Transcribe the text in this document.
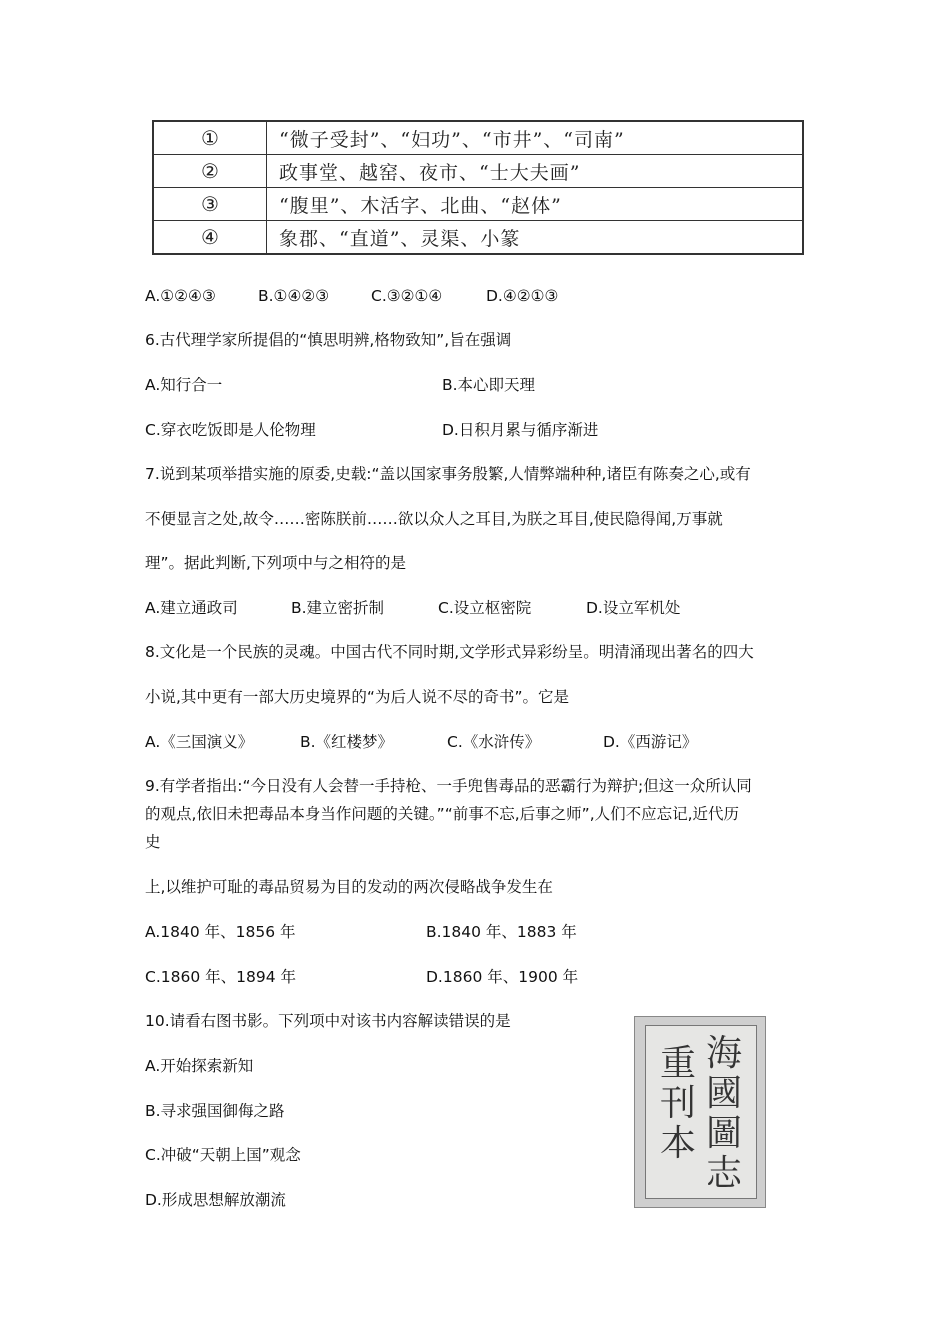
①	“微子受封”、“妇功”、“市井”、“司南”
②	政事堂、越窑、夜市、“士大夫画”
③	“腹里”、木活字、北曲、“赵体”
④	象郡、“直道”、灵渠、小篆
A.①②④③	B.①④②③	C.③②①④	D.④②①③
6.古代理学家所提倡的“慎思明辨,格物致知”,旨在强调
A.知行合一	B.本心即天理
C.穿衣吃饭即是人伦物理	D.日积月累与循序渐进
7.说到某项举措实施的原委,史载:“盖以国家事务殷繁,人情弊端种种,诸臣有陈奏之心,或有
不便显言之处,故令……密陈朕前……欲以众人之耳目,为朕之耳目,使民隐得闻,万事就
理”。据此判断,下列项中与之相符的是
A.建立通政司	B.建立密折制	C.设立枢密院	D.设立军机处
8.文化是一个民族的灵魂。中国古代不同时期,文学形式异彩纷呈。明清涌现出著名的四大
小说,其中更有一部大历史境界的“为后人说不尽的奇书”。它是
A.《三国演义》	B.《红楼梦》	C.《水浒传》	D.《西游记》
9.有学者指出:“今日没有人会替一手持枪、一手兜售毒品的恶霸行为辩护;但这一众所认同
的观点,依旧未把毒品本身当作问题的关键。”“前事不忘,后事之师”,人们不应忘记,近代历
史
上,以维护可耻的毒品贸易为目的发动的两次侵略战争发生在
A.1840 年、1856 年	B.1840 年、1883 年
C.1860 年、1894 年	D.1860 年、1900 年
10.请看右图书影。下列项中对该书内容解读错误的是
A.开始探索新知
B.寻求强国御侮之路
C.冲破“天朝上国”观念
D.形成思想解放潮流
海國圖志
重刊本
